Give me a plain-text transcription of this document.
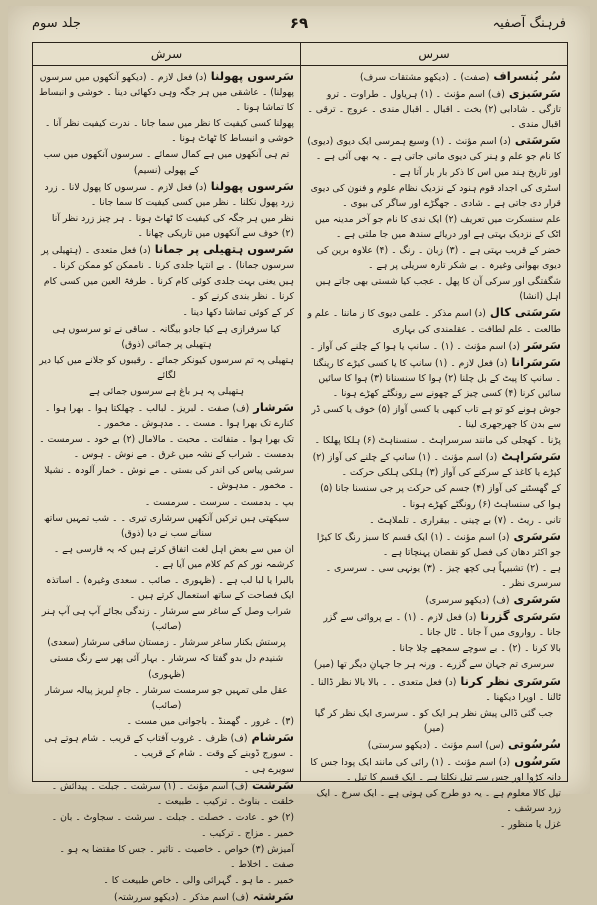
فرہنگ آصفیہ
۶۹
جلد سوم
سرس
سرش

سُر بُنسراف (صفت) ۔ (دیکھو مشتقات سرف)

سَرسَبزی (ف) اسم مؤنث ۔ (۱) ہریاول ۔ طراوت ۔ ترو تازگی ۔ شادابی (۲) بخت ۔ اقبال ۔ اقبال مندی ۔ عروج ۔ ترقی ۔ اقبال مندی ۔

سَرسَتی (د) اسم مؤنث ۔ (۱) وسیع ہمرسی ایک دیوی (دیوی) کا نام جو علم و ہنر کی دیوی مانی جاتی ہے ۔ یہ بھی آئی ہے ۔ اور تاریخ ہند میں اس کا ذکر بار بار آتا ہے ۔

اسٹری کی اجداد قوم ہنود کے نزدیک نظام علوم و فنون کی دیوی قرار دی جاتی ہے ۔ شادی ۔ جھگڑے اور ساگر کی بیوی ۔

علم سنسکرت میں تعریف (۲) ایک ندی کا نام جو آخر مدینہ میں اٹک کے نزدیک بہتی ہے اور دریائے سندھ میں جا ملتی ہے ۔

خضر کے قریب بہتی ہے ۔ (۳) زبان ۔ رنگ ۔ (۴) علاوہ برین کی دیوی بھوانی وغیرہ ۔ بے شکر تارہ سریلی پر ہے ۔

شگفتگی اور سرکی آن کا پھل ۔ عجب کیا شستی بھی جاتے ہیں اہل (انشا)

سَرسَتی کال (د) اسم مذکر ۔ علمی دیوی کا ز ماننا ۔ علم و طالعت ۔ علم لطافت ۔ عقلمندی کی بہاری

سَرسَر (د) اسم مؤنث ۔ (۱) ۔ سانپ یا ہوا کے چلنے کی آواز ۔

سَرسَرانا (د) فعل لازم ۔ (۱) سانپ کا یا کسی کیڑے کا رینگنا ۔ سانپ کا پیٹ کے بل چلنا (۲) ہوا کا سنسنانا (۳) ہوا کا سائیں سائیں کرنا (۴) کسی چیز کے چھونے سے رونگٹے کھڑے ہونا ۔

جوش ہونے کو تو ہے تاب کبھی یا کسی آواز (۵) خوف یا کسی ڈر سے بدن کا جھرجھری لینا ۔

پڑنا ۔ کھجلی کی مانند سرسراہٹ ۔ سنسناہٹ (۶) ہلکا پھلکا ۔

سَرسَراہٹ (د) اسم مؤنث ۔ (۱) سانپ کے چلنے کی آواز (۲) کپڑے یا کاغذ کے سرکنے کی آواز (۳) ہلکی ہلکی حرکت ۔

کے گھسٹنے کی آواز (۴) جسم کی حرکت پر جی سنسنا جانا (۵) ہوا کی سنساہٹ (۶) رونگٹے کھڑے ہونا ۔

تانی ۔ ریٹ ۔ (۷) بے چینی ۔ بیقراری ۔ تلملاہٹ ۔

سَرسَری (د) اسم مؤنث ۔ (۱) ایک قسم کا سبز رنگ کا کیڑا جو اکثر دھان کی فصل کو نقصان پہنچاتا ہے ۔

ہے ۔ (۲) تشبیہاً ہی کچھ چیز ۔ (۳) یونہی سی ۔ سرسری ۔ سرسری نظر ۔

سَرسَری (ف) (دیکھو سرسری)

سَرسَری گزرنا (د) فعل لازم ۔ (۱) ۔ بے پروائی سے گزر جانا ۔ رواروی میں آ جانا ۔ ٹال جانا ۔

بالا کرنا ۔ (۲) ۔ بے سوچے سمجھے چلا جانا ۔

سرسری تم جہان سے گزرے ۔ ورنہ ہر جا جہانِ دیگر تھا (میر)

سَرسَری نظر کرنا (د) فعل متعدی ۔ ۔ بالا بالا نظر ڈالنا ۔ ٹالنا ۔ اوپرا دیکھنا ۔

جب گئی ڈالی پیش نظر ہر ایک کو ۔ سرسری ایک نظر کر گیا (میر)

سُرسُوتی (س) اسم مؤنث ۔ (دیکھو سرستی)

سَرسُوں (د) اسم مؤنث ۔ (۱) رائی کی مانند ایک پودا جس کا دانہ کڑوا اور جس سے تیل نکلتا ہے ۔ ایک قسم کا تیل ۔

تیل کالا معلوم ہے ۔ یہ دو طرح کی ہوتی ہے ۔ ایک سرخ ۔ ایک زرد سرشف ۔

غزل یا منظور ۔

سَرسوں پھولنا (د) فعل لازم ۔ (دیکھو آنکھوں میں سرسوں پھولنا) ۔ عاشقی میں ہر جگہ وہی دکھائی دینا ۔ خوشی و انبساط کا تماشا ہونا ۔

پھولنا کسی کیفیت کا نظر میں سما جانا ۔ ندرت کیفیت نظر آنا ۔ خوشی و انبساط کا ٹھاٹ ہونا ۔

تم ہی آنکھوں میں ہے کمال سمائے ۔ سرسوں آنکھوں میں سب کے پھولی (نسیم)

سَرسوں پھولنا (د) فعل لازم ۔ سرسوں کا پھول لانا ۔ زرد زرد پھول نکلنا ۔ نظر میں کسی کیفیت کا سما جانا ۔

نظر میں ہر جگہ کی کیفیت کا ٹھاٹ ہونا ۔ ہر چیز زرد نظر آنا (۲) خوف سے آنکھوں میں تاریکی چھانا ۔

سَرسوں ہتھیلی پر جمانا (د) فعل متعدی ۔ (ہتھیلی پر سرسوں جمانا) ۔ بے انتہا جلدی کرنا ۔ ناممکن کو ممکن کرنا ۔

ہیں یعنی بہت جلدی کوئی کام کرنا ۔ طرفۃ العین میں کسی کام کرنا ۔ نظر بندی کرنے کو ۔

کر کے کوئی تماشا دکھا دینا ۔

کیا سرفرازی ہے کیا جادو بیگانہ ۔ ساقی نے تو سرسوں ہی ہتھیلی پر جمائی (ذوق)

ہتھیلی پہ تم سرسوں کیونکر جمائے ۔ رقیبوں کو جلانے میں کیا دیر لگائے

ہتھیلی پہ ہر باغ ہے سرسوں جمائی ہے

سَرشار (ف) صفت ۔ لبریز ۔ لبالب ۔ چھلکتا ہوا ۔ بھرا ہوا ۔ کنارے تک بھرا ہوا ۔ مست ۔ ۔ مدہوش ۔ مخمور ۔

تک بھرا ہوا ۔ متفائت ۔ محبت ۔ مالامال (۲) بے خود ۔ سرمست ۔ بدمست ۔ شراب کے نشہ میں غرق ۔ مے نوش ۔ ہوس ۔

سرشی پیاس کی اندر کی بستی ۔ مے نوش ۔ خمار آلودہ ۔ نشیلا ۔ مخمور ۔ مدہوش ۔

بپ ۔ بدمست ۔ سرست ۔ سرمست ۔

سیکھتی ہیں ترکیں آنکھیں سرشاری تیری ۔ ۔ شب تمہیں ساتھ سنانے سب نے دیا (ذوق)

ان میں سے بعض اہل لغت اتفاق کرتے ہیں کہ یہ فارسی ہے ۔ کرشمہ نور کم کم کلام میں آیا ہے ۔

بالبرا یا لبا لب ہے ۔ (ظہوری ۔ صائب ۔ سعدی وغیرہ) ۔ اساتذہ ایک فصاحت کے ساتھ استعمال کرتے ہیں ۔

شراب وصل کے ساغر سے سرشار ۔ زندگی بجائے آپ ہی آپ ہنر (صائب)

پرستش بکنار ساغر سرشار ۔ زمستان ساقی سرشار (سعدی)

شنیدم دل بدو گفتا کہ سرشار ۔ بہار آئی پھر سے رنگ مستی (ظہوری)

عقل ملی تمہیں جو سرمست سرشار ۔ جامِ لبریز پیالہ سرشار (صائب)

(۳) ۔ غرور ۔ گھمنڈ ۔ باجوانی میں مست ۔

سَرشام (ف) ظرف ۔ غروب آفتاب کے قریب ۔ شام ہوتے ہی ۔ سورج ڈوبنے کے وقت ۔ شام کے قریب ۔

سویرے ہی ۔

سَرشت (ف) اسم مؤنث ۔ (۱) سرشت ۔ جبلت ۔ پیدائش ۔ خلقت ۔ بناوٹ ۔ ترکیب ۔ طبیعت ۔

(۲) خو ۔ عادت ۔ خصلت ۔ جبلت ۔ سرشت ۔ سجاوٹ ۔ بان ۔ خمیر ۔ مزاج ۔ ترکیب ۔

آمیزش (۳) خواص ۔ خاصیت ۔ تاثیر ۔ جس کا مقتضا یہ ہو ۔ صفت ۔ اخلاط ۔

خمیر ۔ ما ہو ۔ گہرائی والی ۔ خاص طبیعت کا ۔

سَرشتہ (ف) اسم مذکر ۔ (دیکھو سررشتہ)
